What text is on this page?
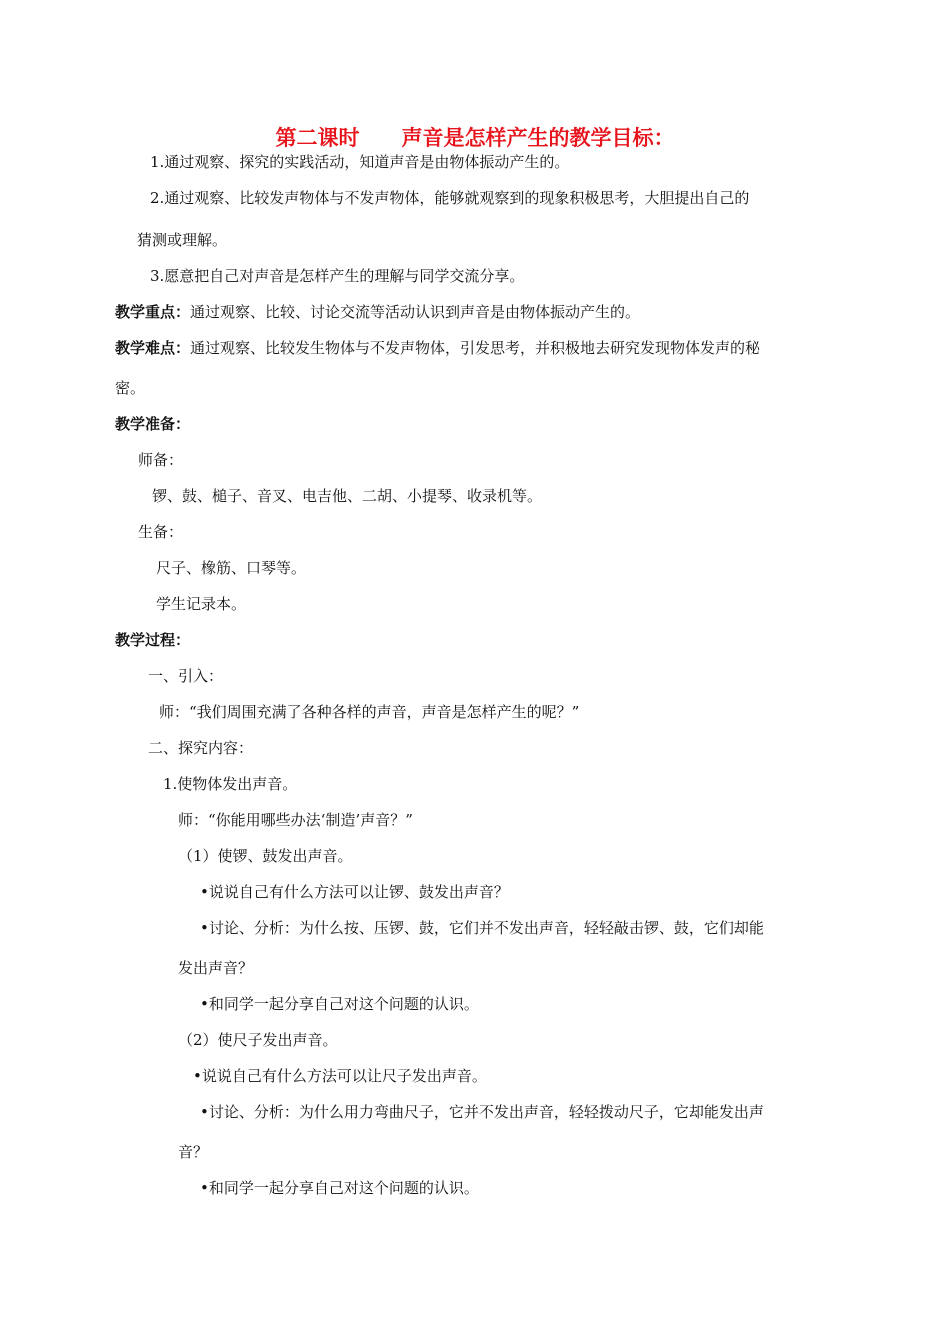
第二课时　　声音是怎样产生的教学目标：
1.通过观察、探究的实践活动，知道声音是由物体振动产生的。
2.通过观察、比较发声物体与不发声物体，能够就观察到的现象积极思考，大胆提出自己的
猜测或理解。
3.愿意把自己对声音是怎样产生的理解与同学交流分享。
教学重点：通过观察、比较、讨论交流等活动认识到声音是由物体振动产生的。
教学难点：通过观察、比较发生物体与不发声物体，引发思考，并积极地去研究发现物体发声的秘
密。
教学准备：
师备：
锣、鼓、槌子、音叉、电吉他、二胡、小提琴、收录机等。
生备：
尺子、橡筋、口琴等。
学生记录本。
教学过程：
一、引入：
师：“我们周围充满了各种各样的声音，声音是怎样产生的呢？”
二、探究内容：
1.使物体发出声音。
师：“你能用哪些办法‘制造’声音？”
（1）使锣、鼓发出声音。
•说说自己有什么方法可以让锣、鼓发出声音？
•讨论、分析：为什么按、压锣、鼓，它们并不发出声音，轻轻敲击锣、鼓，它们却能
发出声音？
•和同学一起分享自己对这个问题的认识。
（2）使尺子发出声音。
•说说自己有什么方法可以让尺子发出声音。
•讨论、分析：为什么用力弯曲尺子，它并不发出声音，轻轻拨动尺子，它却能发出声
音？
•和同学一起分享自己对这个问题的认识。
